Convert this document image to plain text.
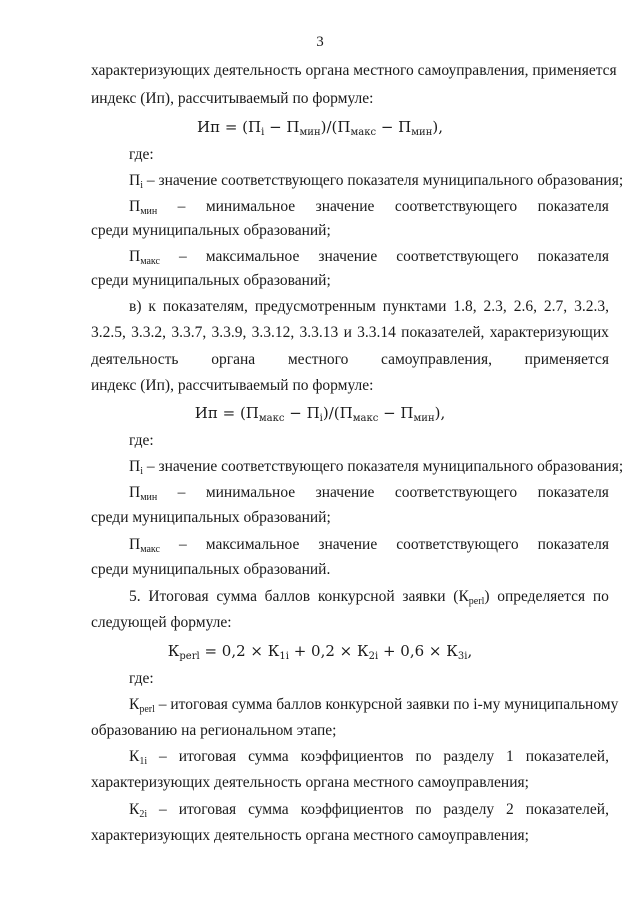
3
характеризующих деятельность органа местного самоуправления, применяется
индекс (Ип), рассчитываемый по формуле:
Ип = $(П_i - П_{мин})/(П_{макс} - П_{мин})$,
где:
$П_i$ – значение соответствующего показателя муниципального образования;
$П_{мин}$ – минимальное значение соответствующего показателя
среди муниципальных образований;
$П_{макс}$ – максимальное значение соответствующего показателя
среди муниципальных образований;
в) к показателям, предусмотренным пунктами 1.8, 2.3, 2.6, 2.7, 3.2.3,
3.2.5, 3.3.2, 3.3.7, 3.3.9, 3.3.12, 3.3.13 и 3.3.14 показателей, характеризующих
деятельность органа местного самоуправления, применяется
индекс (Ип), рассчитываемый по формуле:
Ип = $(П_{макс} - П_i)/(П_{макс} - П_{мин})$,
где:
$П_i$ – значение соответствующего показателя муниципального образования;
$П_{мин}$ – минимальное значение соответствующего показателя
среди муниципальных образований;
$П_{макс}$ – максимальное значение соответствующего показателя
среди муниципальных образований.
5. Итоговая сумма баллов конкурсной заявки $(К_{perl})$ определяется по
следующей формуле:
$К_{perl} = 0,2 \times К_{1i} + 0,2 \times К_{2i} + 0,6 \times К_{3i}$,
где:
$К_{perl}$ – итоговая сумма баллов конкурсной заявки по i-му муниципальному
образованию на региональном этапе;
$К_{1i}$ – итоговая сумма коэффициентов по разделу 1 показателей,
характеризующих деятельность органа местного самоуправления;
$К_{2i}$ – итоговая сумма коэффициентов по разделу 2 показателей,
характеризующих деятельность органа местного самоуправления;
